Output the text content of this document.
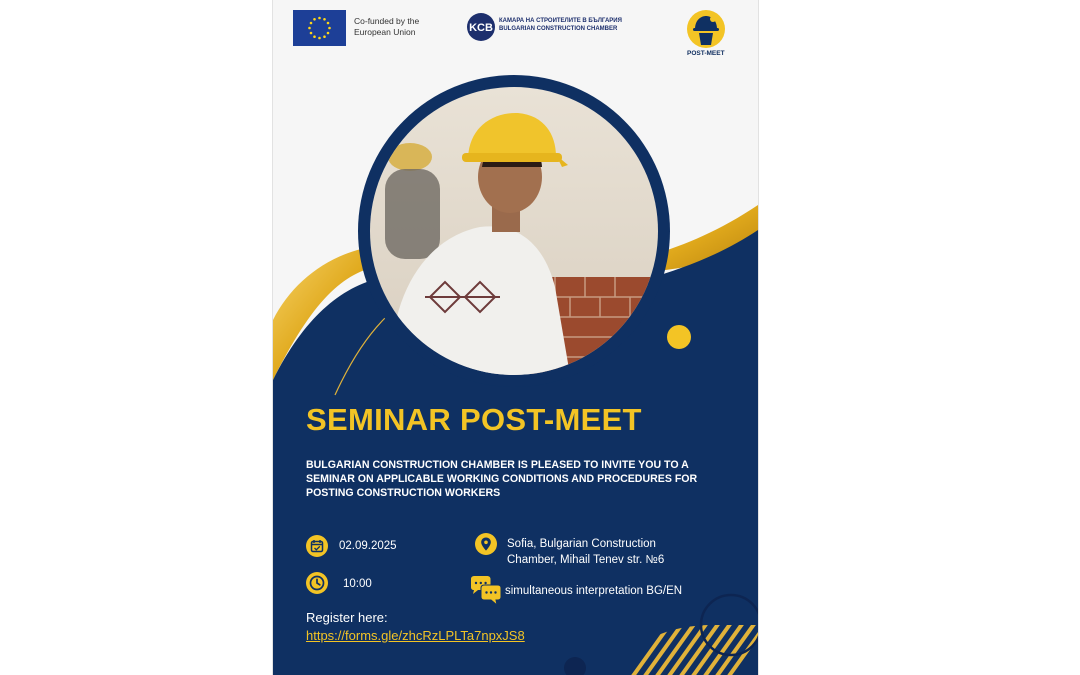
Co-funded by the
European Union	KCB
КАМАРА НА СТРОИТЕЛИТЕ В БЪЛГАРИЯ
BULGARIAN CONSTRUCTION CHAMBER
POST-MEET
SEMINAR POST-MEET
BULGARIAN CONSTRUCTION CHAMBER IS PLEASED TO INVITE YOU TO A SEMINAR ON APPLICABLE WORKING CONDITIONS AND PROCEDURES FOR POSTING CONSTRUCTION WORKERS
02.09.2025
10:00
Sofia, Bulgarian Construction
Chamber, Mihail Tenev str. №6
simultaneous interpretation BG/EN
Register here:
https://forms.gle/zhcRzLPLTa7npxJS8
